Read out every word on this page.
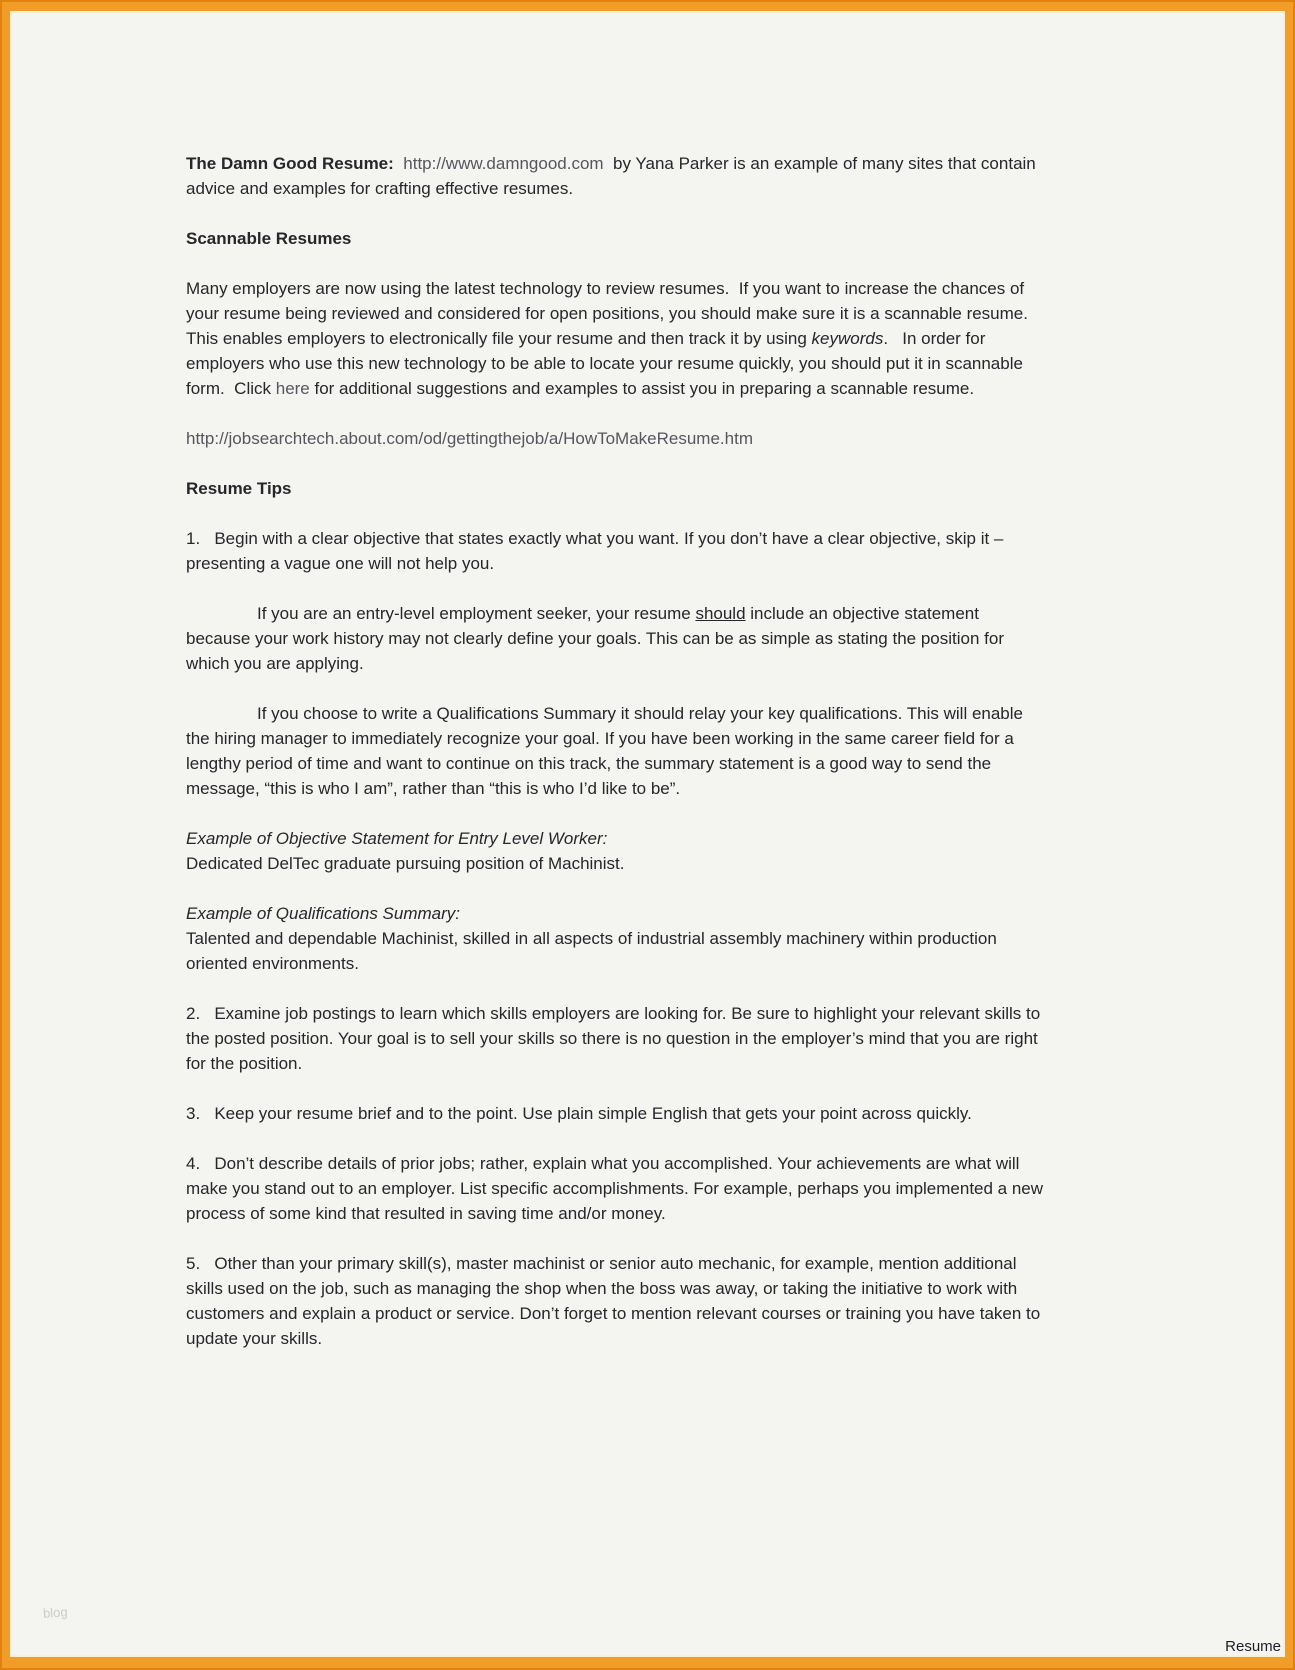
The Damn Good Resume: http://www.damngood.com  by Yana Parker is an example of many sites that contain advice and examples for crafting effective resumes.

Scannable Resumes

Many employers are now using the latest technology to review resumes.  If you want to increase the chances of your resume being reviewed and considered for open positions, you should make sure it is a scannable resume.  This enables employers to electronically file your resume and then track it by using keywords.   In order for employers who use this new technology to be able to locate your resume quickly, you should put it in scannable form.  Click here for additional suggestions and examples to assist you in preparing a scannable resume.

http://jobsearchtech.about.com/od/gettingthejob/a/HowToMakeResume.htm

Resume Tips

1.   Begin with a clear objective that states exactly what you want. If you don’t have a clear objective, skip it – presenting a vague one will not help you.

If you are an entry-level employment seeker, your resume should include an objective statement because your work history may not clearly define your goals. This can be as simple as stating the position for which you are applying.

If you choose to write a Qualifications Summary it should relay your key qualifications. This will enable the hiring manager to immediately recognize your goal. If you have been working in the same career field for a lengthy period of time and want to continue on this track, the summary statement is a good way to send the message, “this is who I am”, rather than “this is who I’d like to be”.

Example of Objective Statement for Entry Level Worker:
Dedicated DelTec graduate pursuing position of Machinist.

Example of Qualifications Summary:
Talented and dependable Machinist, skilled in all aspects of industrial assembly machinery within production oriented environments.

2.   Examine job postings to learn which skills employers are looking for. Be sure to highlight your relevant skills to the posted position. Your goal is to sell your skills so there is no question in the employer’s mind that you are right for the position.

3.   Keep your resume brief and to the point. Use plain simple English that gets your point across quickly.

4.   Don’t describe details of prior jobs; rather, explain what you accomplished. Your achievements are what will make you stand out to an employer. List specific accomplishments. For example, perhaps you implemented a new process of some kind that resulted in saving time and/or money.

5.   Other than your primary skill(s), master machinist or senior auto mechanic, for example, mention additional skills used on the job, such as managing the shop when the boss was away, or taking the initiative to work with customers and explain a product or service. Don’t forget to mention relevant courses or training you have taken to update your skills.

blog
Resume
